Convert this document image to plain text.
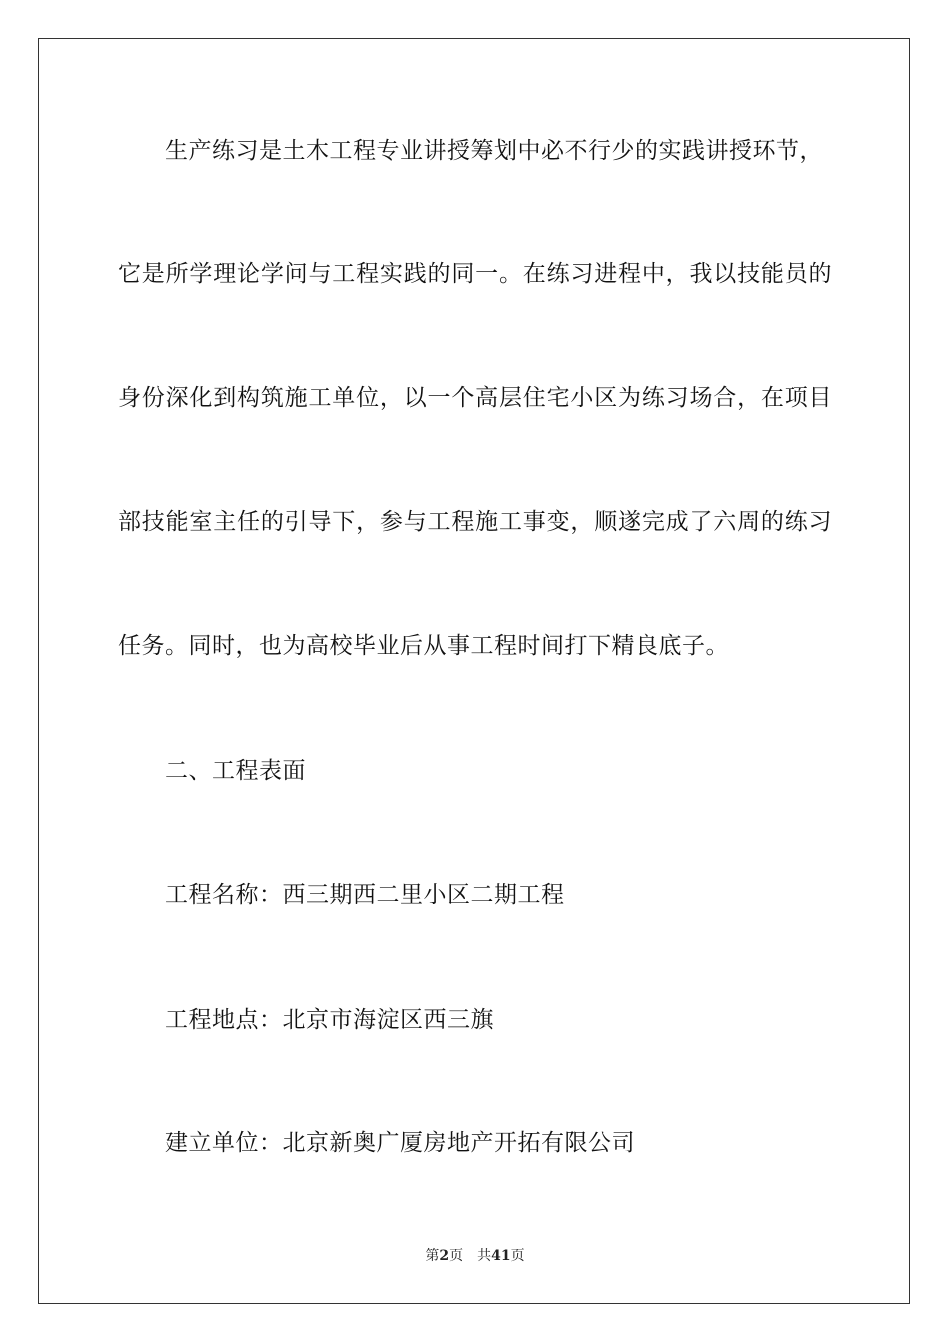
生产练习是土木工程专业讲授筹划中必不行少的实践讲授环节，
它是所学理论学问与工程实践的同一。在练习进程中，我以技能员的
身份深化到构筑施工单位，以一个高层住宅小区为练习场合，在项目
部技能室主任的引导下，参与工程施工事变，顺遂完成了六周的练习
任务。同时，也为高校毕业后从事工程时间打下精良底子。
二、工程表面
工程名称：西三期西二里小区二期工程
工程地点：北京市海淀区西三旗
建立单位：北京新奥广厦房地产开拓有限公司
第2页 共41页
